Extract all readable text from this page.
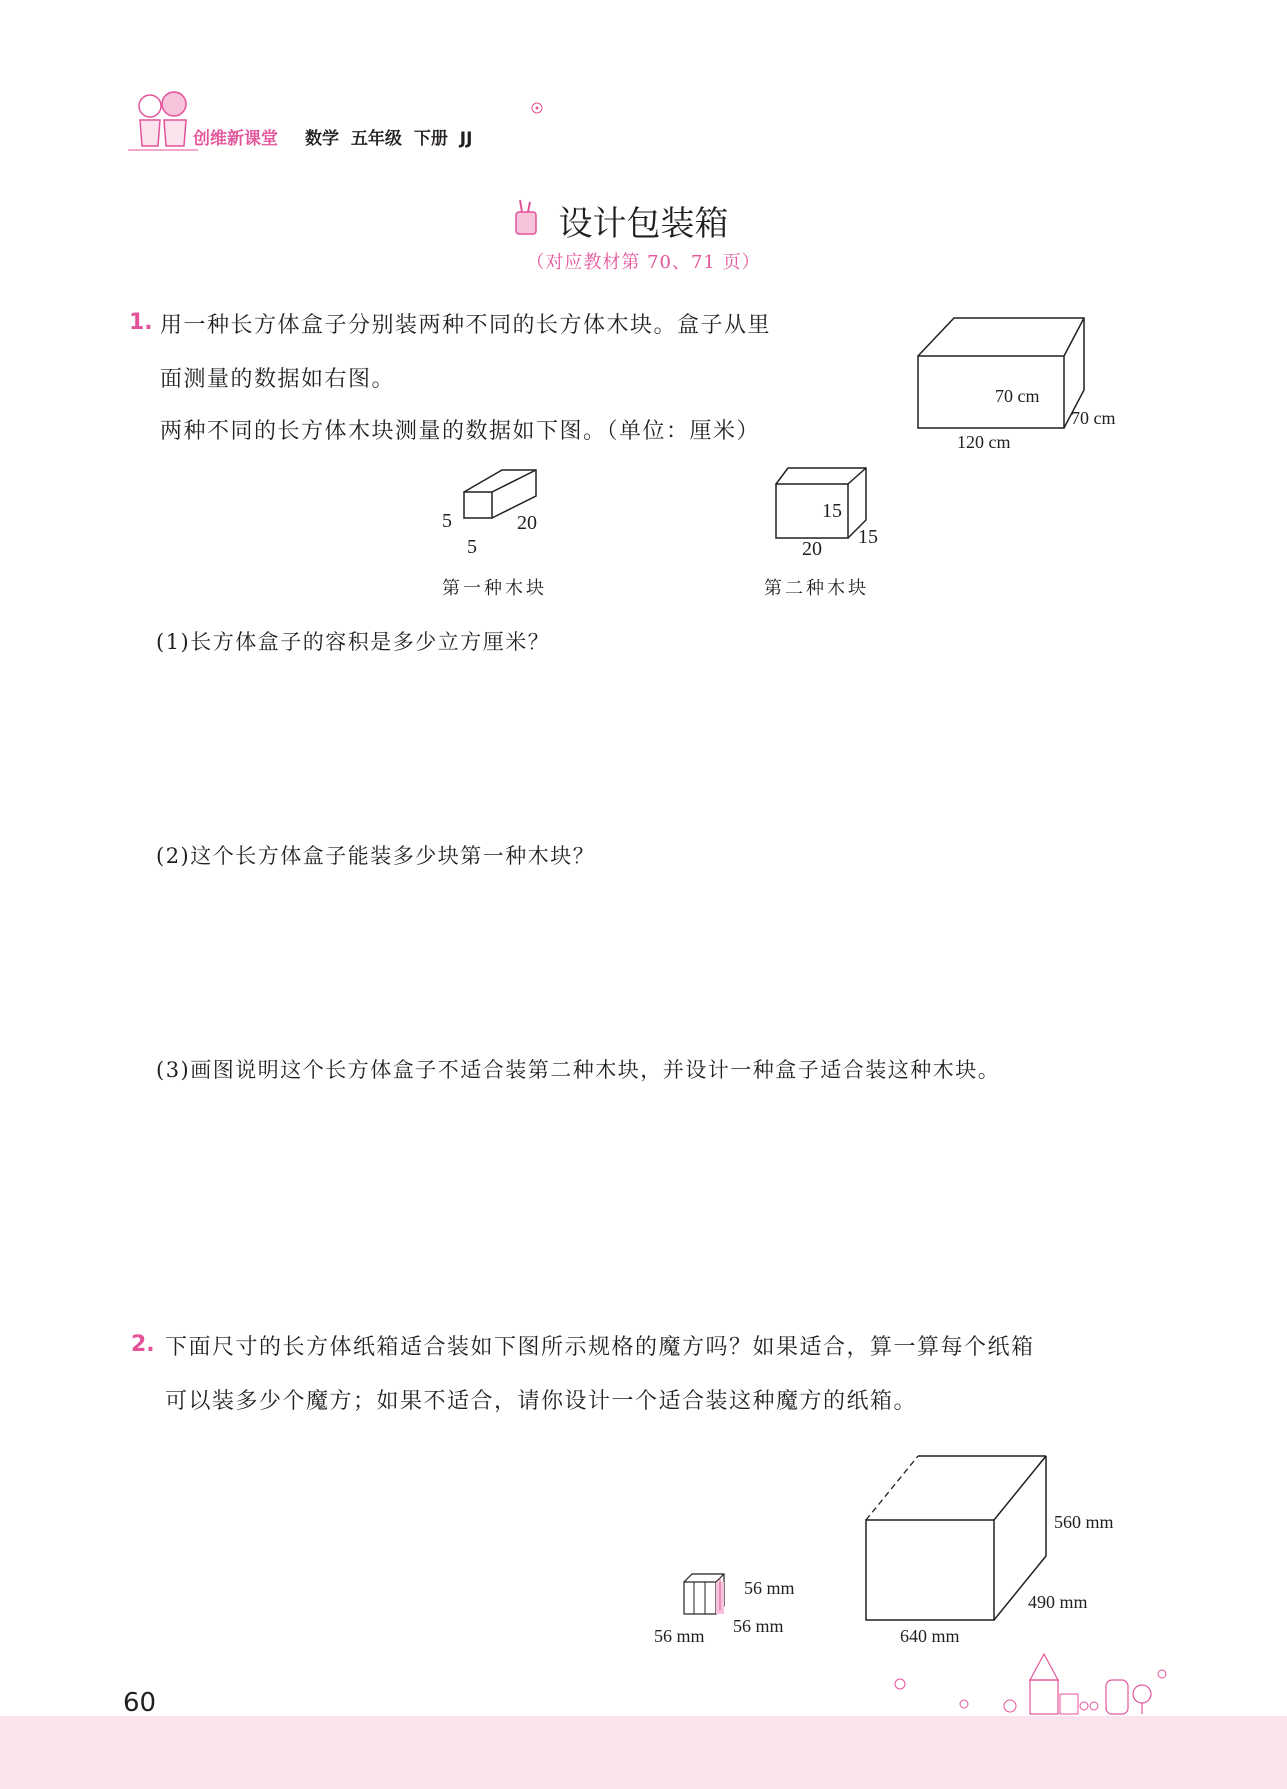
创维新课堂 数学 五年级 下册 JJ
设计包装箱
（对应教材第 70、71 页）
1. 用一种长方体盒子分别装两种不同的长方体木块。盒子从里
面测量的数据如右图。
两种不同的长方体木块测量的数据如下图。（单位：厘米）
70 cm
70 cm
120 cm
5	20
5
第一种木块
15
15
20
第二种木块
(1)长方体盒子的容积是多少立方厘米？
(2)这个长方体盒子能装多少块第一种木块？
(3)画图说明这个长方体盒子不适合装第二种木块，并设计一种盒子适合装这种木块。
2. 下面尺寸的长方体纸箱适合装如下图所示规格的魔方吗？如果适合，算一算每个纸箱
可以装多少个魔方；如果不适合，请你设计一个适合装这种魔方的纸箱。
56 mm
56 mm
56 mm
560 mm
490 mm
640 mm
60
